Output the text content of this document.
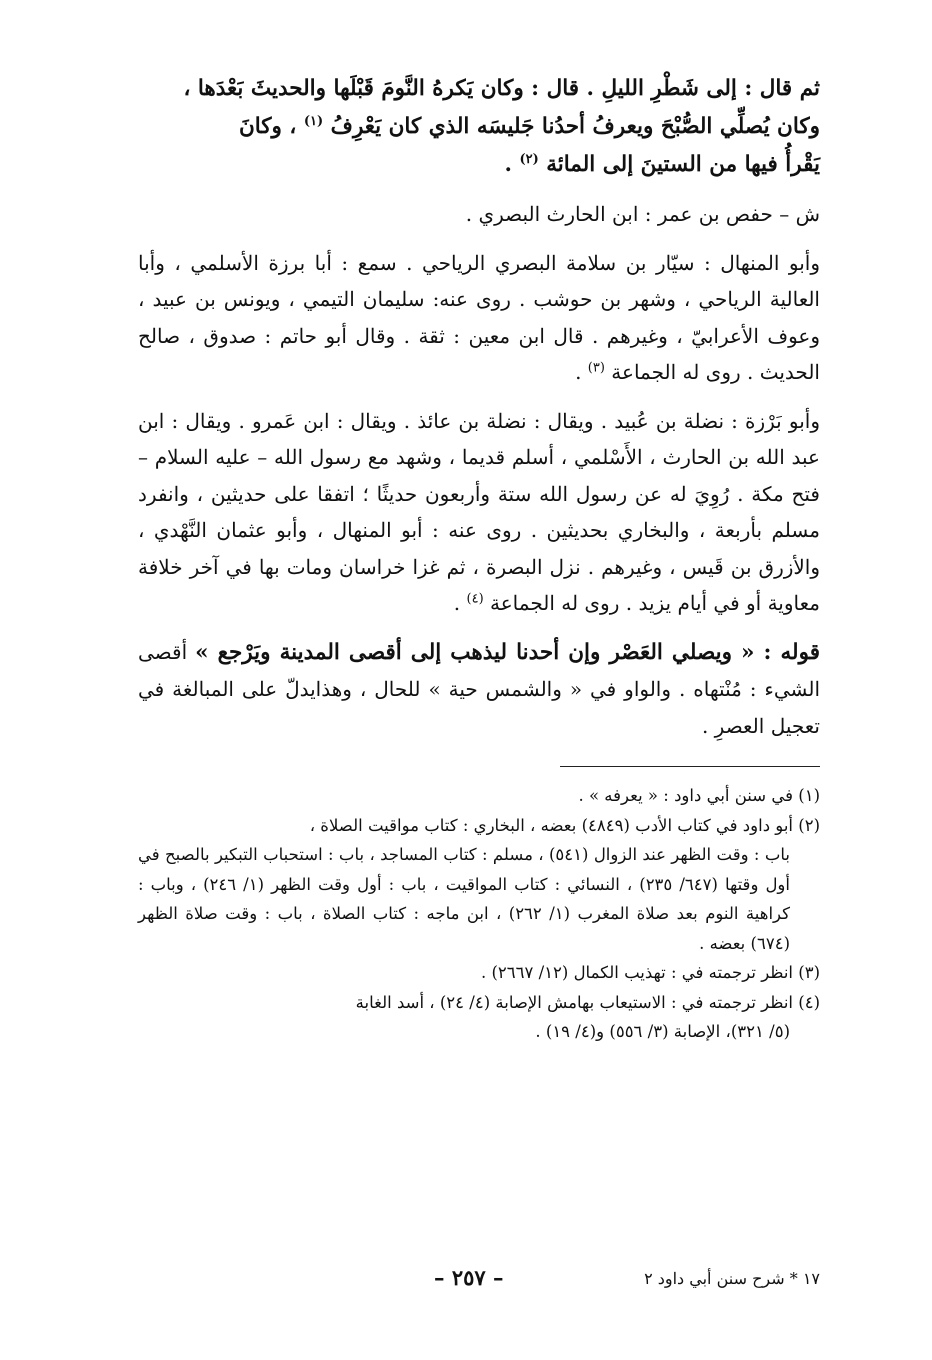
ثم قال : إلى شَطْرِ الليلِ . قال : وكان يَكرهُ النَّومَ قَبْلَها والحديثَ بَعْدَها ،
وكان يُصلِّي الصُّبْحَ ويعرفُ أحدُنا جَليسَه الذي كان يَعْرِفُ $^{(١)}$ ، وكانَ
يَقْرأُ فيها من الستينَ إلى المائة $^{(٢)}$ .

ش – حفص بن عمر : ابن الحارث البصري .

وأبو المنهال : سيّار بن سلامة البصري الرياحي . سمع : أبا برزة الأسلمي ، وأبا العالية الرياحي ، وشهر بن حوشب . روى عنه: سليمان التيمي ، ويونس بن عبيد ، وعوف الأعرابيّ ، وغيرهم . قال ابن معين : ثقة . وقال أبو حاتم : صدوق ، صالح الحديث . روى له الجماعة $^{(٣)}$ .

وأبو بَرْزة : نضلة بن عُبيد . ويقال : نضلة بن عائذ . ويقال : ابن عَمرو . ويقال : ابن عبد الله بن الحارث ، الأَسْلمي ، أسلم قديما ، وشهد مع رسول الله – عليه السلام – فتح مكة . رُوِيَ له عن رسول الله ستة وأربعون حديثًا ؛ اتفقا على حديثين ، وانفرد مسلم بأربعة ، والبخاري بحديثين . روى عنه : أبو المنهال ، وأبو عثمان النَّهْدي ، والأزرق بن قَيس ، وغيرهم . نزل البصرة ، ثم غزا خراسان ومات بها في آخر خلافة معاوية أو في أيام يزيد . روى له الجماعة $^{(٤)}$ .

قوله : « ويصلي العَصْر وإن أحدنا ليذهب إلى أقصى المدينة ويَرْجع » أقصى الشيء : مُنْتهاه . والواو في « والشمس حية » للحال ، وهذايدلّ على المبالغة في تعجيل العصرِ .

(١) في سنن أبي داود : « يعرفه » .

(٢) أبو داود في كتاب الأدب (٤٨٤٩) بعضه ، البخاري : كتاب مواقيت الصلاة ،
باب : وقت الظهر عند الزوال (٥٤١) ، مسلم : كتاب المساجد ، باب : استحباب التبكير بالصبح في أول وقتها (٦٤٧/ ٢٣٥) ، النسائي : كتاب المواقيت ، باب : أول وقت الظهر (١/ ٢٤٦) ، وباب : كراهية النوم بعد صلاة المغرب (١/ ٢٦٢) ، ابن ماجه : كتاب الصلاة ، باب : وقت صلاة الظهر (٦٧٤) بعضه .

(٣) انظر ترجمته في : تهذيب الكمال (١٢/ ٢٦٦٧) .

(٤) انظر ترجمته في : الاستيعاب بهامش الإصابة (٤/ ٢٤) ، أسد الغابة
(٥/ ٣٢١)، الإصابة (٣/ ٥٥٦) و(٤/ ١٩) .

١٧ * شرح سنن أبي داود ٢
– ٢٥٧ –
